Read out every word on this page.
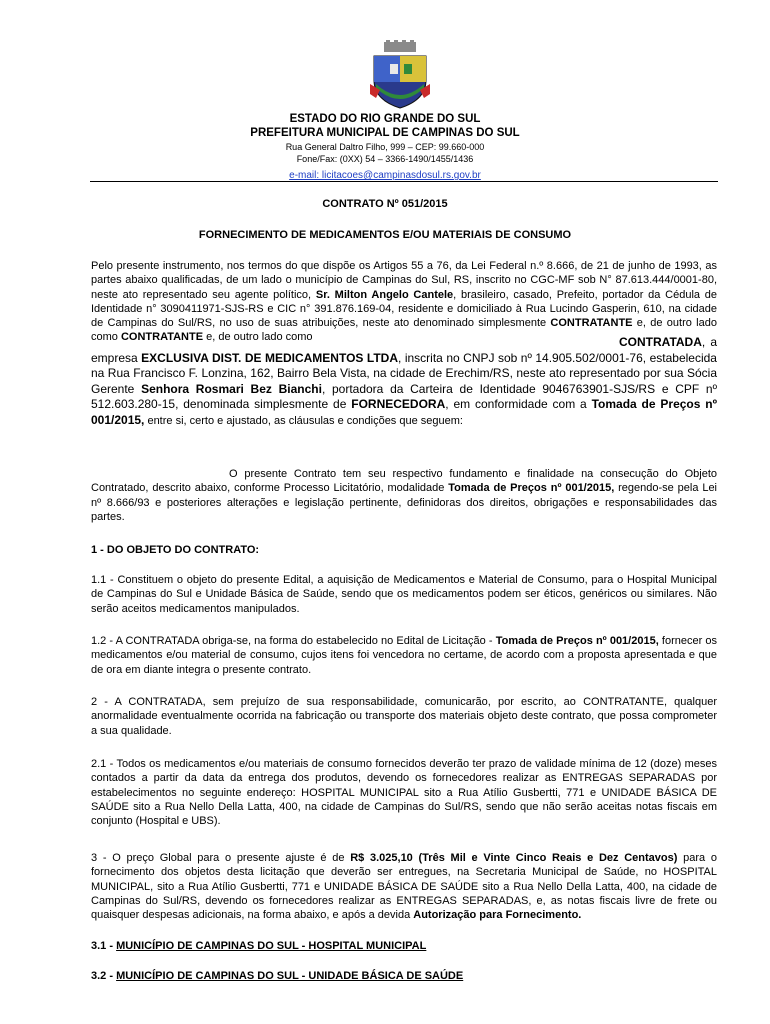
ESTADO DO RIO GRANDE DO SUL
PREFEITURA MUNICIPAL DE CAMPINAS DO SUL
Rua General Daltro Filho, 999 – CEP: 99.660-000
Fone/Fax: (0XX) 54 – 3366-1490/1455/1436
e-mail: licitacoes@campinasdosul.rs.gov.br
CONTRATO Nº 051/2015
FORNECIMENTO DE MEDICAMENTOS E/OU MATERIAIS DE CONSUMO
Pelo presente instrumento, nos termos do que dispõe os Artigos 55 a 76, da Lei Federal n.º 8.666, de 21 de junho de 1993, as partes abaixo qualificadas, de um lado o município de Campinas do Sul, RS, inscrito no CGC-MF sob N° 87.613.444/0001-80, neste ato representado seu agente político, Sr. Milton Angelo Cantele, brasileiro, casado, Prefeito, portador da Cédula de Identidade n° 3090411971-SJS-RS e CIC n° 391.876.169-04, residente e domiciliado à Rua Lucindo Gasperin, 610, na cidade de Campinas do Sul/RS, no uso de suas atribuições, neste ato denominado simplesmente CONTRATANTE e, de outro lado como CONTRATANTE e, de outro lado como	CONTRATADA, a empresa EXCLUSIVA DIST. DE MEDICAMENTOS LTDA, inscrita no CNPJ sob nº 14.905.502/0001-76, estabelecida na Rua Francisco F. Lonzina, 162, Bairro Bela Vista, na cidade de Erechim/RS, neste ato representado por sua Sócia Gerente Senhora Rosmari Bez Bianchi, portadora da Carteira de Identidade 9046763901-SJS/RS e CPF nº 512.603.280-15, denominada simplesmente de FORNECEDORA, em conformidade com a Tomada de Preços nº 001/2015, entre si, certo e ajustado, as cláusulas e condições que seguem:
O presente Contrato tem seu respectivo fundamento e finalidade na consecução do Objeto Contratado, descrito abaixo, conforme Processo Licitatório, modalidade Tomada de Preços nº 001/2015, regendo-se pela Lei nº 8.666/93 e posteriores alterações e legislação pertinente, definidoras dos direitos, obrigações e responsabilidades das partes.
1 - DO OBJETO DO CONTRATO:
1.1 - Constituem o objeto do presente Edital, a aquisição de Medicamentos e Material de Consumo, para o Hospital Municipal de Campinas do Sul e Unidade Básica de Saúde, sendo que os medicamentos podem ser éticos, genéricos ou similares. Não serão aceitos medicamentos manipulados.
1.2 - A CONTRATADA obriga-se, na forma do estabelecido no Edital de Licitação - Tomada de Preços nº 001/2015, fornecer os medicamentos e/ou material de consumo, cujos itens foi vencedora no certame, de acordo com a proposta apresentada e que de ora em diante integra o presente contrato.
2 - A CONTRATADA, sem prejuízo de sua responsabilidade, comunicarão, por escrito, ao CONTRATANTE, qualquer anormalidade eventualmente ocorrida na fabricação ou transporte dos materiais objeto deste contrato, que possa comprometer a sua qualidade.
2.1 - Todos os medicamentos e/ou materiais de consumo fornecidos deverão ter prazo de validade mínima de 12 (doze) meses contados a partir da data da entrega dos produtos, devendo os fornecedores realizar as ENTREGAS SEPARADAS por estabelecimentos no seguinte endereço: HOSPITAL MUNICIPAL sito a Rua Atílio Gusbertti, 771 e UNIDADE BÁSICA DE SAÚDE sito a Rua Nello Della Latta, 400, na cidade de Campinas do Sul/RS, sendo que não serão aceitas notas fiscais em conjunto (Hospital e UBS).
3 - O preço Global para o presente ajuste é de R$ 3.025,10 (Três Mil e Vinte Cinco Reais e Dez Centavos) para o fornecimento dos objetos desta licitação que deverão ser entregues, na Secretaria Municipal de Saúde, no HOSPITAL MUNICIPAL, sito a Rua Atílio Gusbertti, 771 e UNIDADE BÁSICA DE SAÚDE sito a Rua Nello Della Latta, 400, na cidade de Campinas do Sul/RS, devendo os fornecedores realizar as ENTREGAS SEPARADAS, e, as notas fiscais livre de frete ou quaisquer despesas adicionais, na forma abaixo, e após a devida Autorização para Fornecimento.
3.1 - MUNICÍPIO DE CAMPINAS DO SUL - HOSPITAL MUNICIPAL
3.2 - MUNICÍPIO DE CAMPINAS DO SUL - UNIDADE BÁSICA DE SAÚDE
